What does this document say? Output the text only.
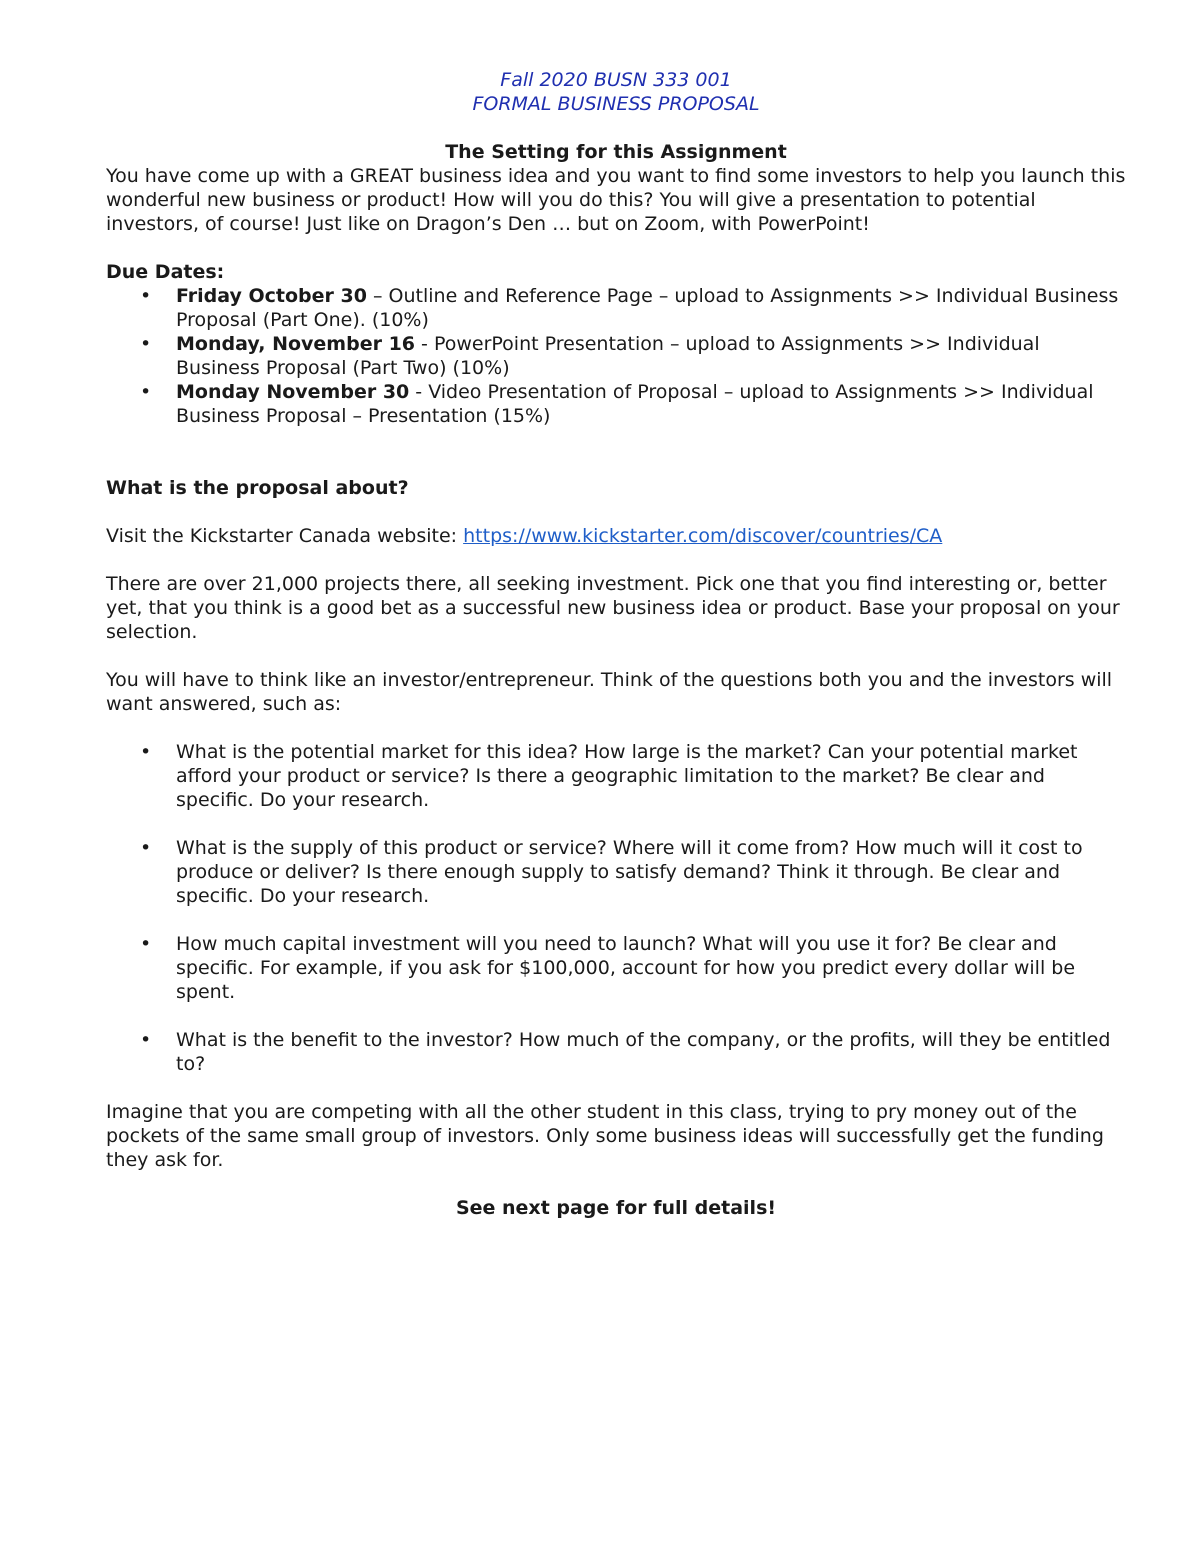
Fall 2020 BUSN 333 001
FORMAL BUSINESS PROPOSAL
The Setting for this Assignment

You have come up with a GREAT business idea and you want to find some investors to help you launch this wonderful new business or product! How will you do this? You will give a presentation to potential investors, of course! Just like on Dragon’s Den … but on Zoom, with PowerPoint!

Due Dates:

• Friday October 30 – Outline and Reference Page – upload to Assignments >> Individual Business Proposal (Part One). (10%)
• Monday, November 16 - PowerPoint Presentation – upload to Assignments >> Individual Business Proposal (Part Two) (10%)
• Monday November 30 - Video Presentation of Proposal – upload to Assignments >> Individual Business Proposal – Presentation (15%)

What is the proposal about?

Visit the Kickstarter Canada website: https://www.kickstarter.com/discover/countries/CA

There are over 21,000 projects there, all seeking investment. Pick one that you find interesting or, better yet, that you think is a good bet as a successful new business idea or product. Base your proposal on your selection.

You will have to think like an investor/entrepreneur. Think of the questions both you and the investors will want answered, such as:

• What is the potential market for this idea? How large is the market? Can your potential market afford your product or service? Is there a geographic limitation to the market? Be clear and specific. Do your research.
• What is the supply of this product or service? Where will it come from? How much will it cost to produce or deliver? Is there enough supply to satisfy demand? Think it through. Be clear and specific. Do your research.
• How much capital investment will you need to launch? What will you use it for? Be clear and specific. For example, if you ask for $100,000, account for how you predict every dollar will be spent.
• What is the benefit to the investor? How much of the company, or the profits, will they be entitled to?

Imagine that you are competing with all the other student in this class, trying to pry money out of the pockets of the same small group of investors. Only some business ideas will successfully get the funding they ask for.

See next page for full details!
